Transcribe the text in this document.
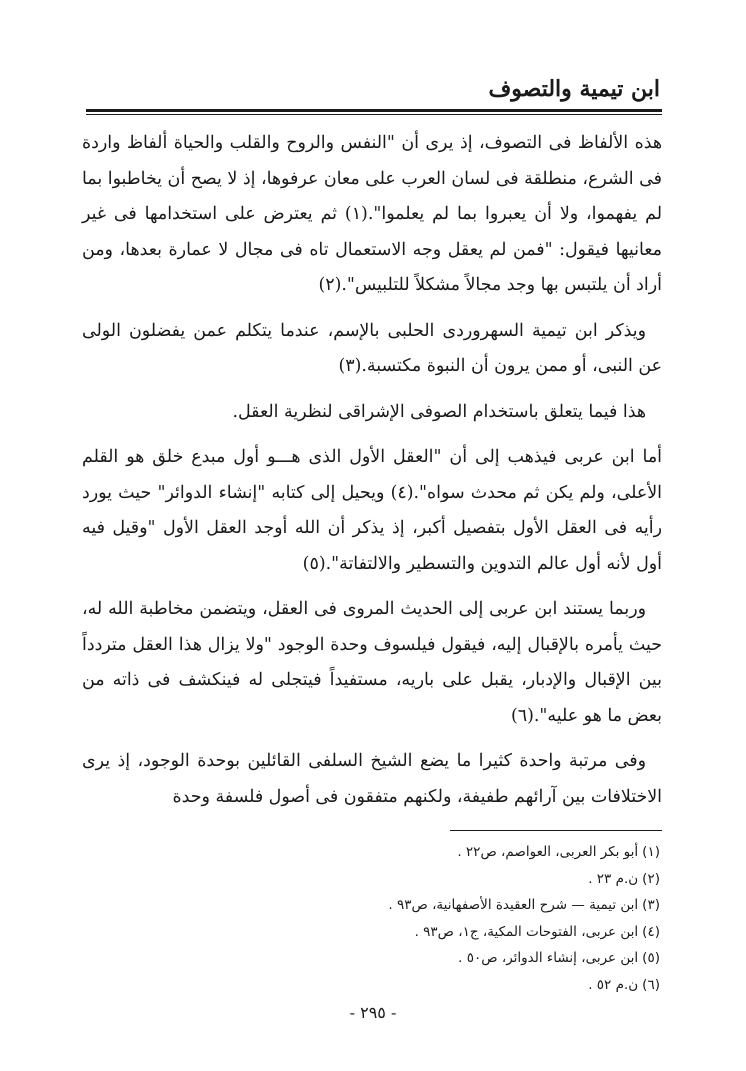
ابن تيمية والتصوف

هذه الألفاظ فى التصوف، إذ يرى أن "النفس والروح والقلب والحياة ألفاظ واردة فى الشرع، منطلقة فى لسان العرب على معان عرفوها، إذ لا يصح أن يخاطبوا بما لم يفهموا، ولا أن يعبروا بما لم يعلموا".(١) ثم يعترض على استخدامها فى غير معانيها فيقول: "فمن لم يعقل وجه الاستعمال تاه فى مجال لا عمارة بعدها، ومن أراد أن يلتبس بها وجد مجالاً مشكلاً للتلبيس".(٢)

ويذكر ابن تيمية السهروردى الحلبى بالإسم، عندما يتكلم عمن يفضلون الولى عن النبى، أو ممن يرون أن النبوة مكتسبة.(٣)

هذا فيما يتعلق باستخدام الصوفى الإشراقى لنظرية العقل.

أما ابن عربى فيذهب إلى أن "العقل الأول الذى هـــو أول مبدع خلق هو القلم الأعلى، ولم يكن ثم محدث سواه".(٤) ويحيل إلى كتابه "إنشاء الدوائر" حيث يورد رأيه فى العقل الأول بتفصيل أكبر، إذ يذكر أن الله أوجد العقل الأول "وقيل فيه أول لأنه أول عالم التدوين والتسطير والالتفاتة".(٥)

وربما يستند ابن عربى إلى الحديث المروى فى العقل، ويتضمن مخاطبة الله له، حيث يأمره بالإقبال إليه، فيقول فيلسوف وحدة الوجود "ولا يزال هذا العقل متردداً بين الإقبال والإدبار، يقبل على باريه، مستفيداً فيتجلى له فينكشف فى ذاته من بعض ما هو عليه".(٦)

وفى مرتبة واحدة كثيرا ما يضع الشيخ السلفى القائلين بوحدة الوجود، إذ يرى الاختلافات بين آرائهم طفيفة، ولكنهم متفقون فى أصول فلسفة وحدة

(١)أبو بكر العربى، العواصم، ص٢٢ .

(٢)ن.م ٢٣ .

(٣)ابن تيمية — شرح العقيدة الأصفهانية، ص٩٣ .

(٤)ابن عربى، الفتوحات المكية، ج١، ص٩٣ .

(٥)ابن عربى، إنشاء الدوائر، ص٥٠ .

(٦)ن.م ٥٢ .

- ٢٩٥ -
